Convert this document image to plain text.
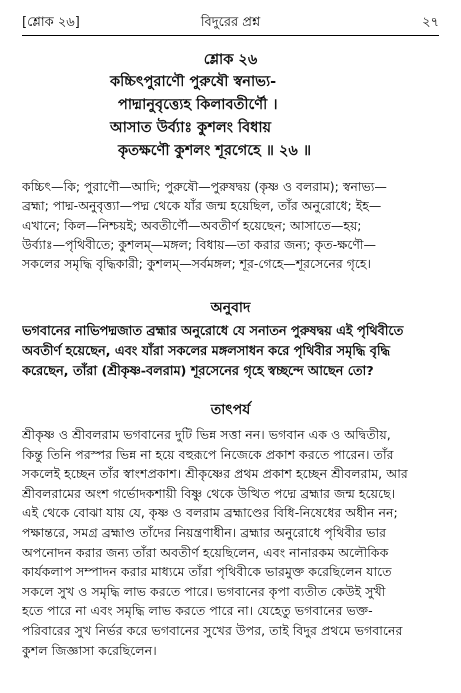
[শ্লোক ২৬]	বিদুরের প্রশ্ন	২৭
শ্লোক ২৬
কচ্চিৎপুরাণৌ পুরুষৌ স্বনাভ্য-
পাদ্মানুবৃত্ত্যেহ কিলাবতীর্ণৌ ।
আসাত উর্ব্যাঃ কুশলং বিধায়
কৃতক্ষণৌ কুশলং শূরগেহে ॥ ২৬ ॥
কচ্চিৎ—কি; পুরাণৌ—আদি; পুরুষৌ—পুরুষদ্বয় (কৃষ্ণ ও বলরাম); স্বনাভ্য—
ব্রহ্মা; পাদ্ম-অনুবৃত্ত্যা—পদ্ম থেকে যাঁর জন্ম হয়েছিল, তাঁর অনুরোধে; ইহ—
এখানে; কিল—নিশ্চয়ই; অবতীর্ণৌ—অবতীর্ণ হয়েছেন; আসাতে—হয়;
উর্ব্যাঃ—পৃথিবীতে; কুশলম্—মঙ্গল; বিধায়—তা করার জন্য; কৃত-ক্ষণৌ—
সকলের সমৃদ্ধি বৃদ্ধিকারী; কুশলম্—সর্বমঙ্গল; শূর-গেহে—শূরসেনের গৃহে।
অনুবাদ
ভগবানের নাভিপদ্মজাত ব্রহ্মার অনুরোধে যে সনাতন পুরুষদ্বয় এই পৃথিবীতে
অবতীর্ণ হয়েছেন, এবং যাঁরা সকলের মঙ্গলসাধন করে পৃথিবীর সমৃদ্ধি বৃদ্ধি
করেছেন, তাঁরা (শ্রীকৃষ্ণ-বলরাম) শূরসেনের গৃহে স্বচ্ছন্দে আছেন তো?
তাৎপর্য
শ্রীকৃষ্ণ ও শ্রীবলরাম ভগবানের দুটি ভিন্ন সত্তা নন। ভগবান এক ও অদ্বিতীয়,
কিন্তু তিনি পরস্পর ভিন্ন না হয়ে বহুরূপে নিজেকে প্রকাশ করতে পারেন। তাঁর
সকলেই হচ্ছেন তাঁর স্বাংশপ্রকাশ। শ্রীকৃষ্ণের প্রথম প্রকাশ হচ্ছেন শ্রীবলরাম, আর
শ্রীবলরামের অংশ গর্ভোদকশায়ী বিষ্ণু থেকে উত্থিত পদ্মে ব্রহ্মার জন্ম হয়েছে।
এই থেকে বোঝা যায় যে, কৃষ্ণ ও বলরাম ব্রহ্মাণ্ডের বিধি-নিষেধের অধীন নন;
পক্ষান্তরে, সমগ্র ব্রহ্মাণ্ড তাঁদের নিয়ন্ত্রণাধীন। ব্রহ্মার অনুরোধে পৃথিবীর ভার
অপনোদন করার জন্য তাঁরা অবতীর্ণ হয়েছিলেন, এবং নানারকম অলৌকিক
কার্যকলাপ সম্পাদন করার মাধ্যমে তাঁরা পৃথিবীকে ভারমুক্ত করেছিলেন যাতে
সকলে সুখ ও সমৃদ্ধি লাভ করতে পারে। ভগবানের কৃপা ব্যতীত কেউই সুখী
হতে পারে না এবং সমৃদ্ধি লাভ করতে পারে না। যেহেতু ভগবানের ভক্ত-
পরিবারের সুখ নির্ভর করে ভগবানের সুখের উপর, তাই বিদুর প্রথমে ভগবানের
কুশল জিজ্ঞাসা করেছিলেন।
